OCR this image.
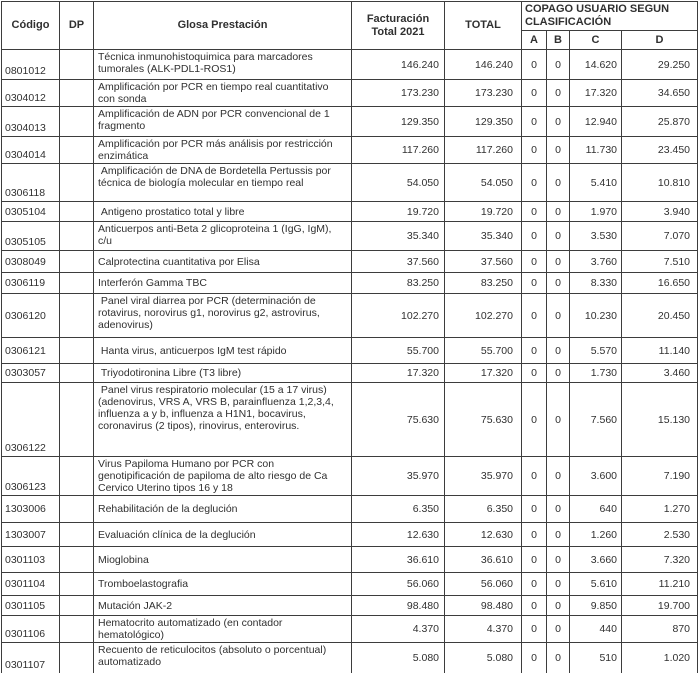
Código	DP	Glosa Prestación	Facturación Total 2021	TOTAL	COPAGO USUARIO SEGUN CLASIFICACIÓN			
					A	B	C	D
0801012		Técnica inmunohistoquimica para marcadores tumorales (ALK-PDL1-ROS1)	146.240	146.240	0	0	14.620	29.250
0304012		Amplificación por PCR en tiempo real cuantitativo con sonda	173.230	173.230	0	0	17.320	34.650
0304013		Amplificación de ADN por PCR convencional de 1 fragmento	129.350	129.350	0	0	12.940	25.870
0304014		Amplificación por PCR más análisis por restricción enzimática	117.260	117.260	0	0	11.730	23.450
0306118		Amplificación de DNA de Bordetella Pertussis por técnica de biología molecular en tiempo real	54.050	54.050	0	0	5.410	10.810
0305104		Antigeno prostatico total y libre	19.720	19.720	0	0	1.970	3.940
0305105		Anticuerpos anti-Beta 2 glicoproteina 1 (IgG, IgM), c/u	35.340	35.340	0	0	3.530	7.070
0308049		Calprotectina cuantitativa por Elisa	37.560	37.560	0	0	3.760	7.510
0306119		Interferón Gamma TBC	83.250	83.250	0	0	8.330	16.650
0306120		Panel viral diarrea por PCR (determinación de rotavirus, norovirus g1, norovirus g2, astrovirus, adenovirus)	102.270	102.270	0	0	10.230	20.450
0306121		Hanta virus, anticuerpos IgM test rápido	55.700	55.700	0	0	5.570	11.140
0303057		Triyodotironina Libre (T3 libre)	17.320	17.320	0	0	1.730	3.460
0306122		Panel virus respiratorio molecular (15 a 17 virus) (adenovirus, VRS A, VRS B, parainfluenza 1,2,3,4, influenza a y b, influenza a H1N1, bocavirus, coronavirus (2 tipos), rinovirus, enterovirus.	75.630	75.630	0	0	7.560	15.130
0306123		Virus Papiloma Humano por PCR con genotipificación de papiloma de alto riesgo de Ca Cervico Uterino tipos 16 y 18	35.970	35.970	0	0	3.600	7.190
1303006		Rehabilitación de la deglución	6.350	6.350	0	0	640	1.270
1303007		Evaluación clínica de la deglución	12.630	12.630	0	0	1.260	2.530
0301103		Mioglobina	36.610	36.610	0	0	3.660	7.320
0301104		Tromboelastografia	56.060	56.060	0	0	5.610	11.210
0301105		Mutación JAK-2	98.480	98.480	0	0	9.850	19.700
0301106		Hematocrito automatizado (en contador hematológico)	4.370	4.370	0	0	440	870
0301107		Recuento de reticulocitos (absoluto o porcentual) automatizado	5.080	5.080	0	0	510	1.020
